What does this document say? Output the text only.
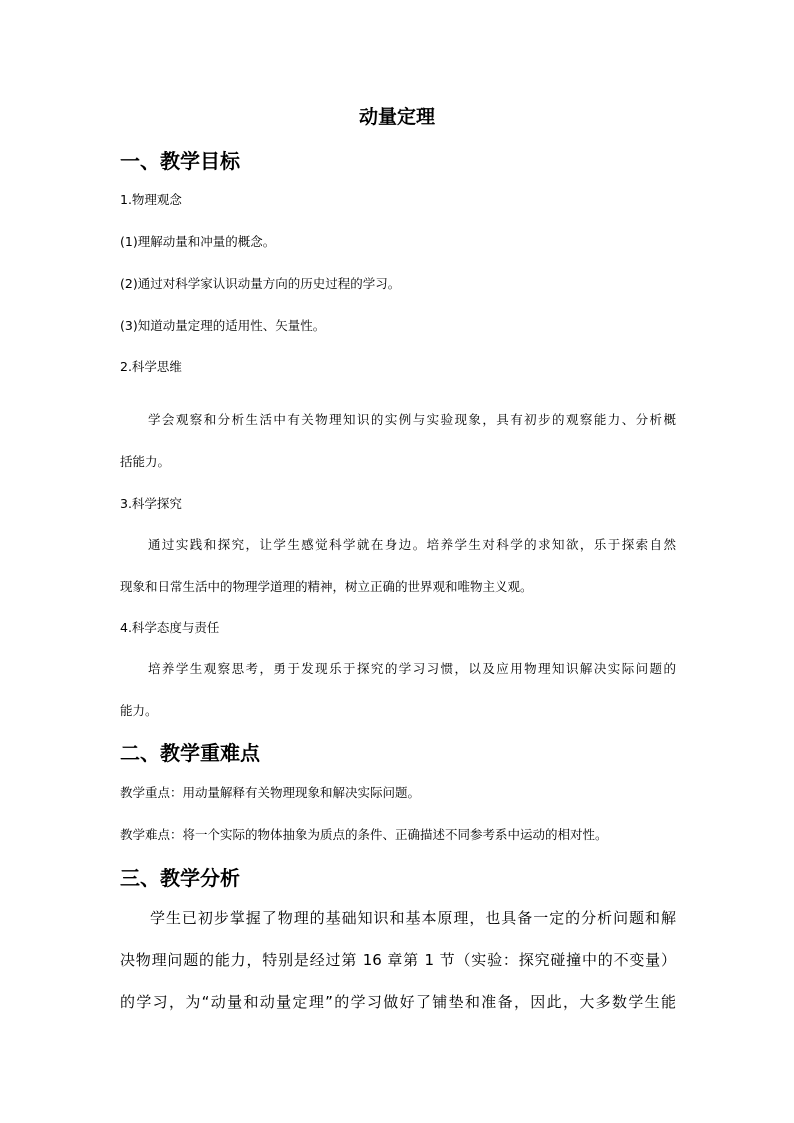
动量定理
一、教学目标
1.物理观念
(1)理解动量和冲量的概念。
(2)通过对科学家认识动量方向的历史过程的学习。
(3)知道动量定理的适用性、矢量性。
2.科学思维
学会观察和分析生活中有关物理知识的实例与实验现象，具有初步的观察能力、分析概
括能力。
3.科学探究
通过实践和探究，让学生感觉科学就在身边。培养学生对科学的求知欲，乐于探索自然
现象和日常生活中的物理学道理的精神，树立正确的世界观和唯物主义观。
4.科学态度与责任
培养学生观察思考，勇于发现乐于探究的学习习惯，以及应用物理知识解决实际问题的
能力。
二、教学重难点
教学重点：用动量解释有关物理现象和解决实际问题。
教学难点：将一个实际的物体抽象为质点的条件、正确描述不同参考系中运动的相对性。
三、教学分析
学生已初步掌握了物理的基础知识和基本原理，也具备一定的分析问题和解
决物理问题的能力，特别是经过第 16 章第 1 节（实验：探究碰撞中的不变量）
的学习，为“动量和动量定理”的学习做好了铺垫和准备，因此，大多数学生能
